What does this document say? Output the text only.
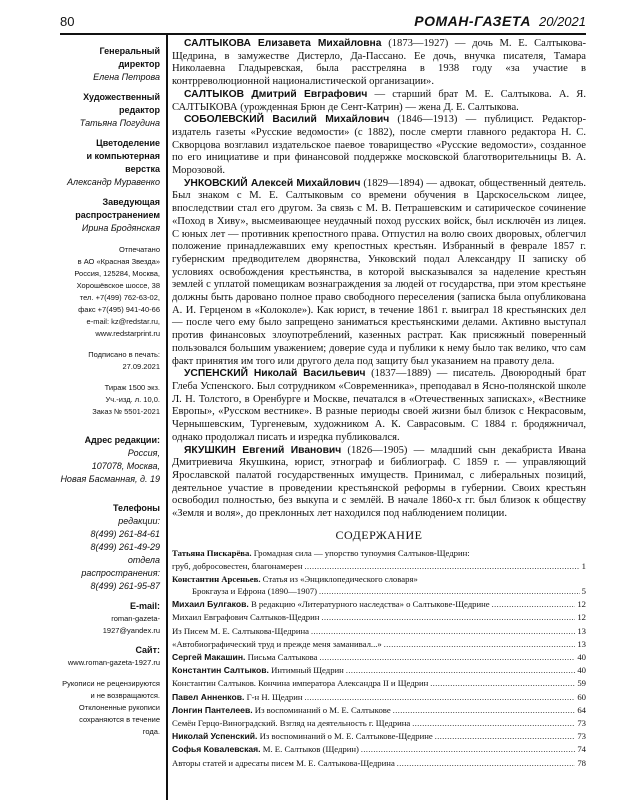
80	РОМАН-ГАЗЕТА 20/2021
Генеральный
директор
Елена Петрова
Художественный
редактор
Татьяна Погудина
Цветоделение
и компьютерная
верстка
Александр Муравенко
Заведующая
распространением
Ирина Бродянская
Отпечатано
в АО «Красная Звезда»
Россия, 125284, Москва,
Хорошёвское шоссе, 38
тел. +7(499) 762-63-02,
факс +7(495) 941-40-66
e-mail: kz@redstar.ru,
www.redstarprint.ru
Подписано в печать:
27.09.2021
Тираж 1500 экз.
Уч.-изд. л. 10,0.
Заказ № 5501-2021
Адрес редакции:
Россия,
107078, Москва,
Новая Басманная, д. 19
Телефоны
редакции:
8(499) 261-84-61
8(499) 261-49-29
отдела распространения:
8(499) 261-95-87
E-mail:
roman-gazeta-1927@yandex.ru
Сайт:
www.roman-gazeta-1927.ru
Рукописи не рецензируются
и не возвращаются.
Отклоненные рукописи
сохраняются в течение года.

САЛТЫКОВА Елизавета Михайловна (1873—1927) — дочь М. Е. Салтыкова-Щедрина, в замужестве Дистерло, Да-Пассано. Ее дочь, внучка писателя, Тамара Николаевна Гладыревская, была расстреляна в 1938 году «за участие в контрреволюционной националистической организации».

САЛТЫКОВ Дмитрий Евграфович — старший брат М. Е. Салтыкова. А. Я. САЛТЫКОВА (урожденная Брюн де Сент-Катрин) — жена Д. Е. Салтыкова.

СОБОЛЕВСКИЙ Василий Михайлович (1846—1913) — публицист. Редактор-издатель газеты «Русские ведомости» (с 1882), после смерти главного редактора Н. С. Скворцова возглавил издательское паевое товарищество «Русские ведомости», созданное по его инициативе и при финансовой поддержке московской благотворительницы В. А. Морозовой.

УНКОВСКИЙ Алексей Михайлович (1829—1894) — адвокат, общественный деятель. Был знаком с М. Е. Салтыковым со времени обучения в Царскосельском лицее, впоследствии стал его другом. За связь с М. В. Петрашевским и сатирическое сочинение «Поход в Хиву», высмеивающее неудачный поход русских войск, был исключён из лицея. С юных лет — противник крепостного права. Отпустил на волю своих дворовых, облегчил положение принадлежавших ему крепостных крестьян. Избранный в феврале 1857 г. губернским предводителем дворянства, Унковский подал Александру II записку об условиях освобождения крестьянства, в которой высказывался за наделение крестьян землей с уплатой помещикам вознаграждения за людей от государства, при этом крестьяне должны быть даровано полное право свободного переселения (записка была опубликована А. И. Герценом в «Колоколе»). Как юрист, в течение 1861 г. выиграл 18 крестьянских дел — после чего ему было запрещено заниматься крестьянскими делами. Активно выступал против финансовых злоупотреблений, казенных растрат. Как присяжный поверенный пользовался большим уважением; доверие суда и публики к нему было так велико, что сам факт принятия им того или другого дела под защиту был указанием на правоту дела.

УСПЕНСКИЙ Николай Васильевич (1837—1889) — писатель. Двоюродный брат Глеба Успенского. Был сотрудником «Современника», преподавал в Ясно-полянской школе Л. Н. Толстого, в Оренбурге и Москве, печатался в «Отечественных записках», «Вестнике Европы», «Русском вестнике». В разные периоды своей жизни был близок с Некрасовым, Чернышевским, Тургеневым, художником А. К. Саврасовым. С 1884 г. бродяжничал, однако продолжал писать и изредка публиковался.

ЯКУШКИН Евгений Иванович (1826—1905) — младший сын декабриста Ивана Дмитриевича Якушкина, юрист, этнограф и библиограф. С 1859 г. — управляющий Ярославской палатой государственных имуществ. Принимал, с либеральных позиций, деятельное участие в проведении крестьянской реформы в губернии. Своих крестьян освободил полностью, без выкупа и с землёй. В начале 1860-х гг. был близок к обществу «Земля и воля», до преклонных лет находился под наблюдением полиции.

СОДЕРЖАНИЕ
Татьяна Пискарёва. Громадная сила — упорство тупоумия Салтыков-Щедрин:
груб, добросовестен, благонамерен .....	1
Константин Арсеньев. Статья из «Энциклопедического словаря»
Брокгауза и Ефрона (1890—1907) .....	5
Михаил Булгаков. В редакцию «Литературного наследства» о Салтыкове-Щедрине .....	12
Михаил Евграфович Салтыков-Щедрин .....	12
Из Писем М. Е. Салтыкова-Щедрина .....	13
«Автобиографический труд и прежде меня заманивал...» .....	13
Сергей Макашин. Письма Салтыкова .....	40
Константин Салтыков. Интимный Щедрин .....	40
Константин Салтыков. Кончина императора Александра II и Щедрин .....	59
Павел Анненков. Г-н Н. Щедрин .....	60
Лонгин Пантелеев. Из воспоминаний о М. Е. Салтыкове .....	64
Семён Герцо-Виноградский. Взгляд на деятельность г. Щедрина .....	73
Николай Успенский. Из воспоминаний о М. Е. Салтыкове-Щедрине .....	73
Софья Ковалевская. М. Е. Салтыков (Щедрин) .....	74
Авторы статей и адресаты писем М. Е. Салтыкова-Щедрина .....	78
